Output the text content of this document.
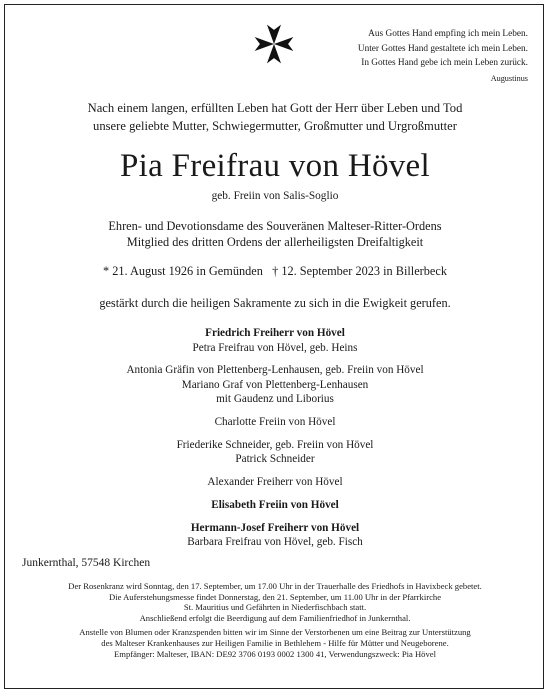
Aus Gottes Hand empfing ich mein Leben.
Unter Gottes Hand gestaltete ich mein Leben.
In Gottes Hand gebe ich mein Leben zurück.
Augustinus
Nach einem langen, erfüllten Leben hat Gott der Herr über Leben und Tod
unsere geliebte Mutter, Schwiegermutter, Großmutter und Urgroßmutter
Pia Freifrau von Hövel
geb. Freiin von Salis-Soglio
Ehren- und Devotionsdame des Souveränen Malteser-Ritter-Ordens
Mitglied des dritten Ordens der allerheiligsten Dreifaltigkeit
* 21. August 1926 in Gemünden † 12. September 2023 in Billerbeck
gestärkt durch die heiligen Sakramente zu sich in die Ewigkeit gerufen.
Friedrich Freiherr von Hövel
Petra Freifrau von Hövel, geb. Heins
Antonia Gräfin von Plettenberg-Lenhausen, geb. Freiin von Hövel
Mariano Graf von Plettenberg-Lenhausen
mit Gaudenz und Liborius
Charlotte Freiin von Hövel
Friederike Schneider, geb. Freiin von Hövel
Patrick Schneider
Alexander Freiherr von Hövel
Elisabeth Freiin von Hövel
Hermann-Josef Freiherr von Hövel
Barbara Freifrau von Hövel, geb. Fisch
Junkernthal, 57548 Kirchen

Der Rosenkranz wird Sonntag, den 17. September, um 17.00 Uhr in der Trauerhalle des Friedhofs in Havixbeck gebetet.
Die Auferstehungsmesse findet Donnerstag, den 21. September, um 11.00 Uhr in der Pfarrkirche
St. Mauritius und Gefährten in Niederfischbach statt.
Anschließend erfolgt die Beerdigung auf dem Familienfriedhof in Junkernthal.

Anstelle von Blumen oder Kranzspenden bitten wir im Sinne der Verstorbenen um eine Beitrag zur Unterstützung
des Malteser Krankenhauses zur Heiligen Familie in Bethlehem - Hilfe für Mütter und Neugeborene.
Empfänger: Malteser, IBAN: DE92 3706 0193 0002 1300 41, Verwendungszweck: Pia Hövel
